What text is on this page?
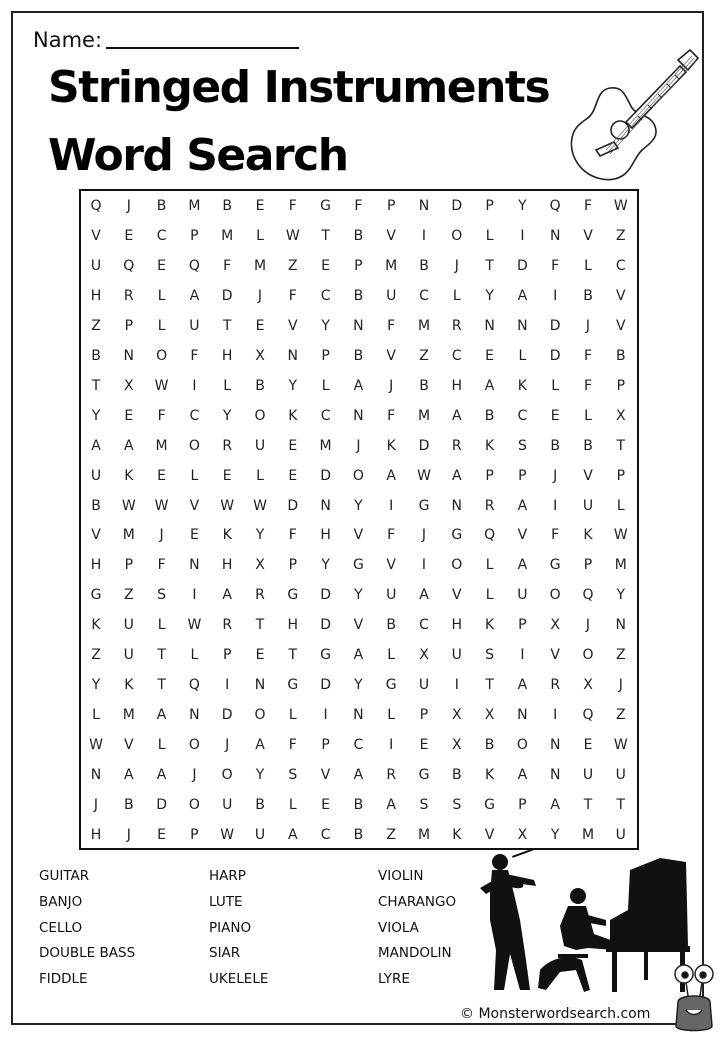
Name:
Stringed Instruments
Word Search
Q	J	B	M	B	E	F	G	F	P	N	D	P	Y	Q	F	W
V	E	C	P	M	L	W	T	B	V	I	O	L	I	N	V	Z
U	Q	E	Q	F	M	Z	E	P	M	B	J	T	D	F	L	C
H	R	L	A	D	J	F	C	B	U	C	L	Y	A	I	B	V
Z	P	L	U	T	E	V	Y	N	F	M	R	N	N	D	J	V
B	N	O	F	H	X	N	P	B	V	Z	C	E	L	D	F	B
T	X	W	I	L	B	Y	L	A	J	B	H	A	K	L	F	P
Y	E	F	C	Y	O	K	C	N	F	M	A	B	C	E	L	X
A	A	M	O	R	U	E	M	J	K	D	R	K	S	B	B	T
U	K	E	L	E	L	E	D	O	A	W	A	P	P	J	V	P
B	W	W	V	W	W	D	N	Y	I	G	N	R	A	I	U	L
V	M	J	E	K	Y	F	H	V	F	J	G	Q	V	F	K	W
H	P	F	N	H	X	P	Y	G	V	I	O	L	A	G	P	M
G	Z	S	I	A	R	G	D	Y	U	A	V	L	U	O	Q	Y
K	U	L	W	R	T	H	D	V	B	C	H	K	P	X	J	N
Z	U	T	L	P	E	T	G	A	L	X	U	S	I	V	O	Z
Y	K	T	Q	I	N	G	D	Y	G	U	I	T	A	R	X	J
L	M	A	N	D	O	L	I	N	L	P	X	X	N	I	Q	Z
W	V	L	O	J	A	F	P	C	I	E	X	B	O	N	E	W
N	A	A	J	O	Y	S	V	A	R	G	B	K	A	N	U	U
J	B	D	O	U	B	L	E	B	A	S	S	G	P	A	T	T
H	J	E	P	W	U	A	C	B	Z	M	K	V	X	Y	M	U
GUITAR
BANJO
CELLO
DOUBLE BASS
FIDDLE
HARP
LUTE
PIANO
SIAR
UKELELE
VIOLIN
CHARANGO
VIOLA
MANDOLIN
LYRE
© Monsterwordsearch.com
